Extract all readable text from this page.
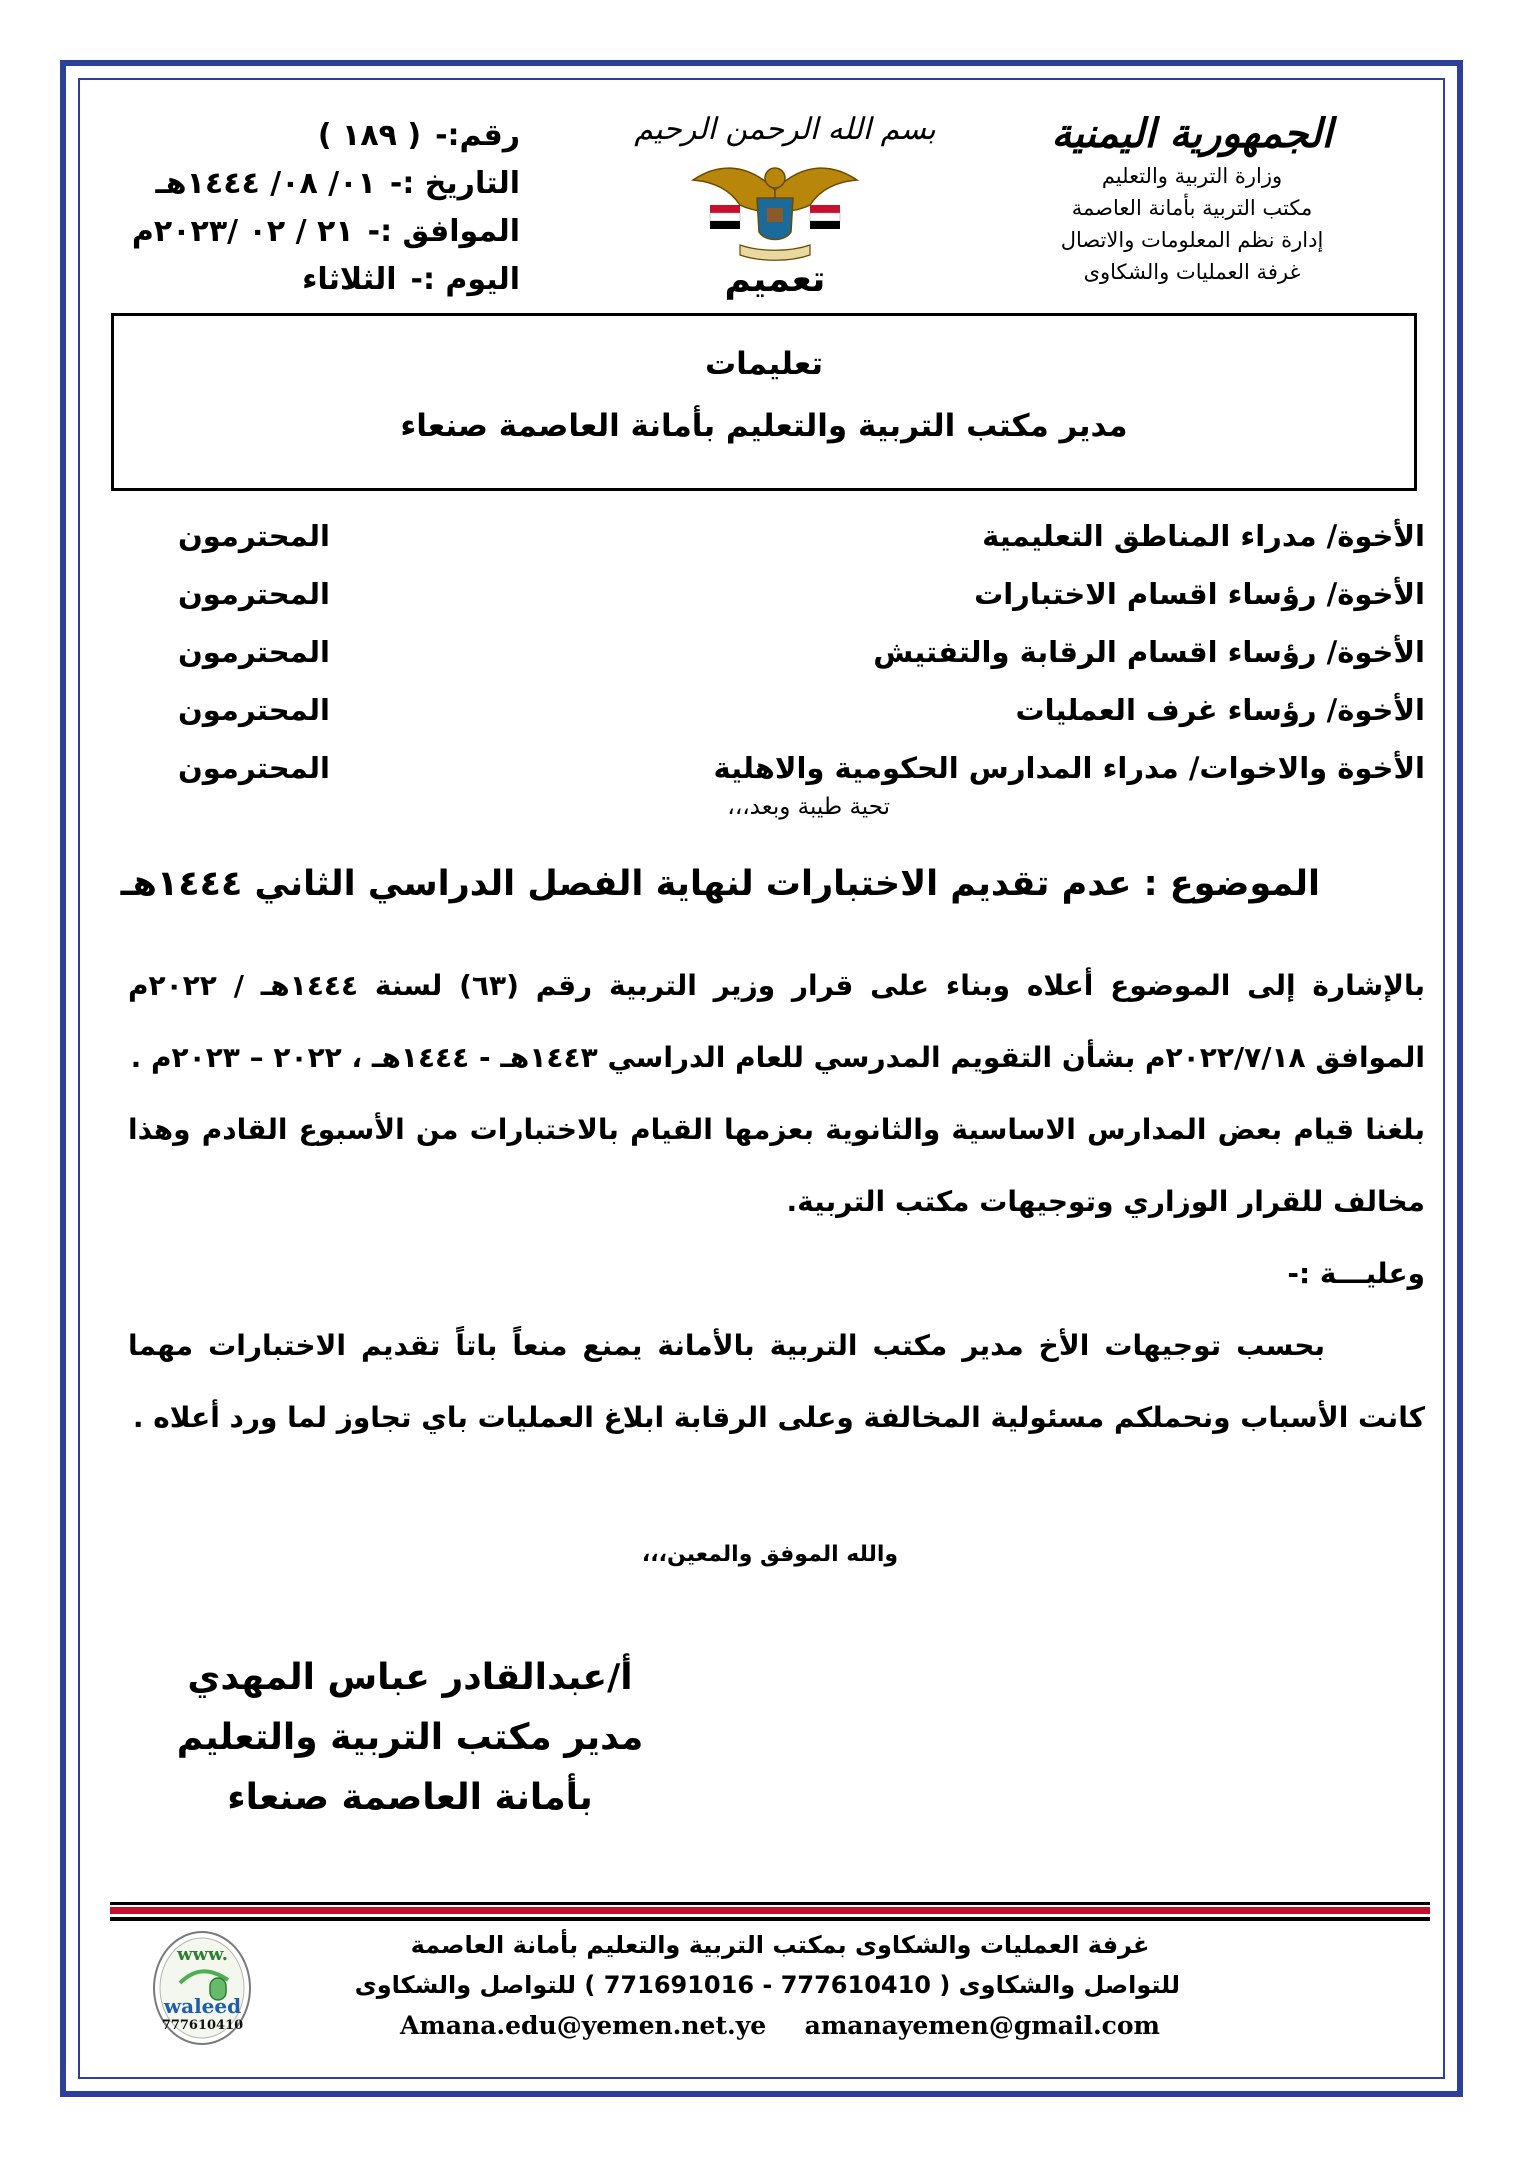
الجمهورية اليمنية
وزارة التربية والتعليم
مكتب التربية بأمانة العاصمة
إدارة نظم المعلومات والاتصال
غرفة العمليات والشكاوى
بسم الله الرحمن الرحيم
تعميم
رقم:-
( ١٨٩ )
التاريخ :-
٠١/ ٠٨/ ١٤٤٤هـ
الموافق :-
٢١ / ٠٢ /٢٠٢٣م
اليوم :-
الثلاثاء
تعليمات
مدير مكتب التربية والتعليم بأمانة العاصمة صنعاء
الأخوة/ مدراء المناطق التعليمية
المحترمون
الأخوة/ رؤساء اقسام الاختبارات
المحترمون
الأخوة/ رؤساء اقسام الرقابة والتفتيش
المحترمون
الأخوة/ رؤساء غرف العمليات
المحترمون
الأخوة والاخوات/ مدراء المدارس الحكومية والاهلية
المحترمون
تحية طيبة وبعد،،،
الموضوع : عدم تقديم الاختبارات لنهاية الفصل الدراسي الثاني ١٤٤٤هـ
بالإشارة إلى الموضوع أعلاه وبناء على قرار وزير التربية رقم (٦٣) لسنة ١٤٤٤هـ / ٢٠٢٢م الموافق ٢٠٢٢/٧/١٨م بشأن التقويم المدرسي للعام الدراسي ١٤٤٣هـ - ١٤٤٤هـ ، ٢٠٢٢ – ٢٠٢٣م .
بلغنا قيام بعض المدارس الاساسية والثانوية بعزمها القيام بالاختبارات من الأسبوع القادم وهذا مخالف للقرار الوزاري وتوجيهات مكتب التربية.
وعليـــة :-
بحسب توجيهات الأخ مدير مكتب التربية بالأمانة يمنع منعاً باتاً تقديم الاختبارات مهما كانت الأسباب ونحملكم مسئولية المخالفة وعلى الرقابة ابلاغ العمليات باي تجاوز لما ورد أعلاه .
والله الموفق والمعين،،،
أ/عبدالقادر عباس المهدي
مدير مكتب التربية والتعليم
بأمانة العاصمة صنعاء
غرفة العمليات والشكاوى بمكتب التربية والتعليم بأمانة العاصمة
للتواصل والشكاوى ( 777610410 - 771691016 ) للتواصل والشكاوى
Amana.edu@yemen.net.ye amanayemen@gmail.com
www.
waleed
777610410
